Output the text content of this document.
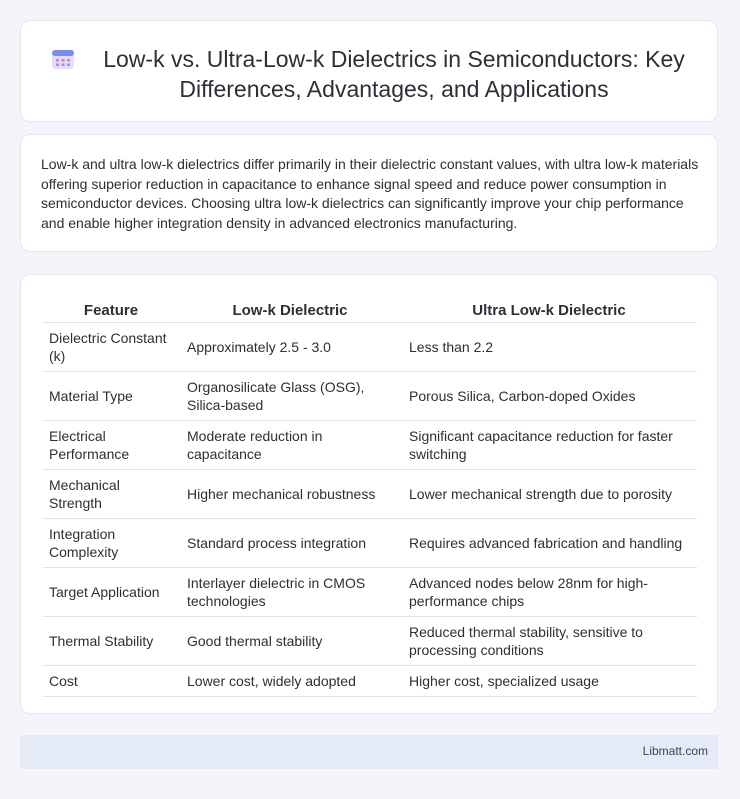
Low-k vs. Ultra-Low-k Dielectrics in Semiconductors: Key Differences, Advantages, and Applications

Low-k and ultra low-k dielectrics differ primarily in their dielectric constant values, with ultra low-k materials offering superior reduction in capacitance to enhance signal speed and reduce power consumption in semiconductor devices. Choosing ultra low-k dielectrics can significantly improve your chip performance and enable higher integration density in advanced electronics manufacturing.

Feature	Low-k Dielectric	Ultra Low-k Dielectric
Dielectric Constant (k)	Approximately 2.5 - 3.0	Less than 2.2
Material Type	Organosilicate Glass (OSG), Silica-based	Porous Silica, Carbon-doped Oxides
Electrical Performance	Moderate reduction in capacitance	Significant capacitance reduction for faster switching
Mechanical Strength	Higher mechanical robustness	Lower mechanical strength due to porosity
Integration Complexity	Standard process integration	Requires advanced fabrication and handling
Target Application	Interlayer dielectric in CMOS technologies	Advanced nodes below 28nm for high-performance chips
Thermal Stability	Good thermal stability	Reduced thermal stability, sensitive to processing conditions
Cost	Lower cost, widely adopted	Higher cost, specialized usage
Libmatt.com
